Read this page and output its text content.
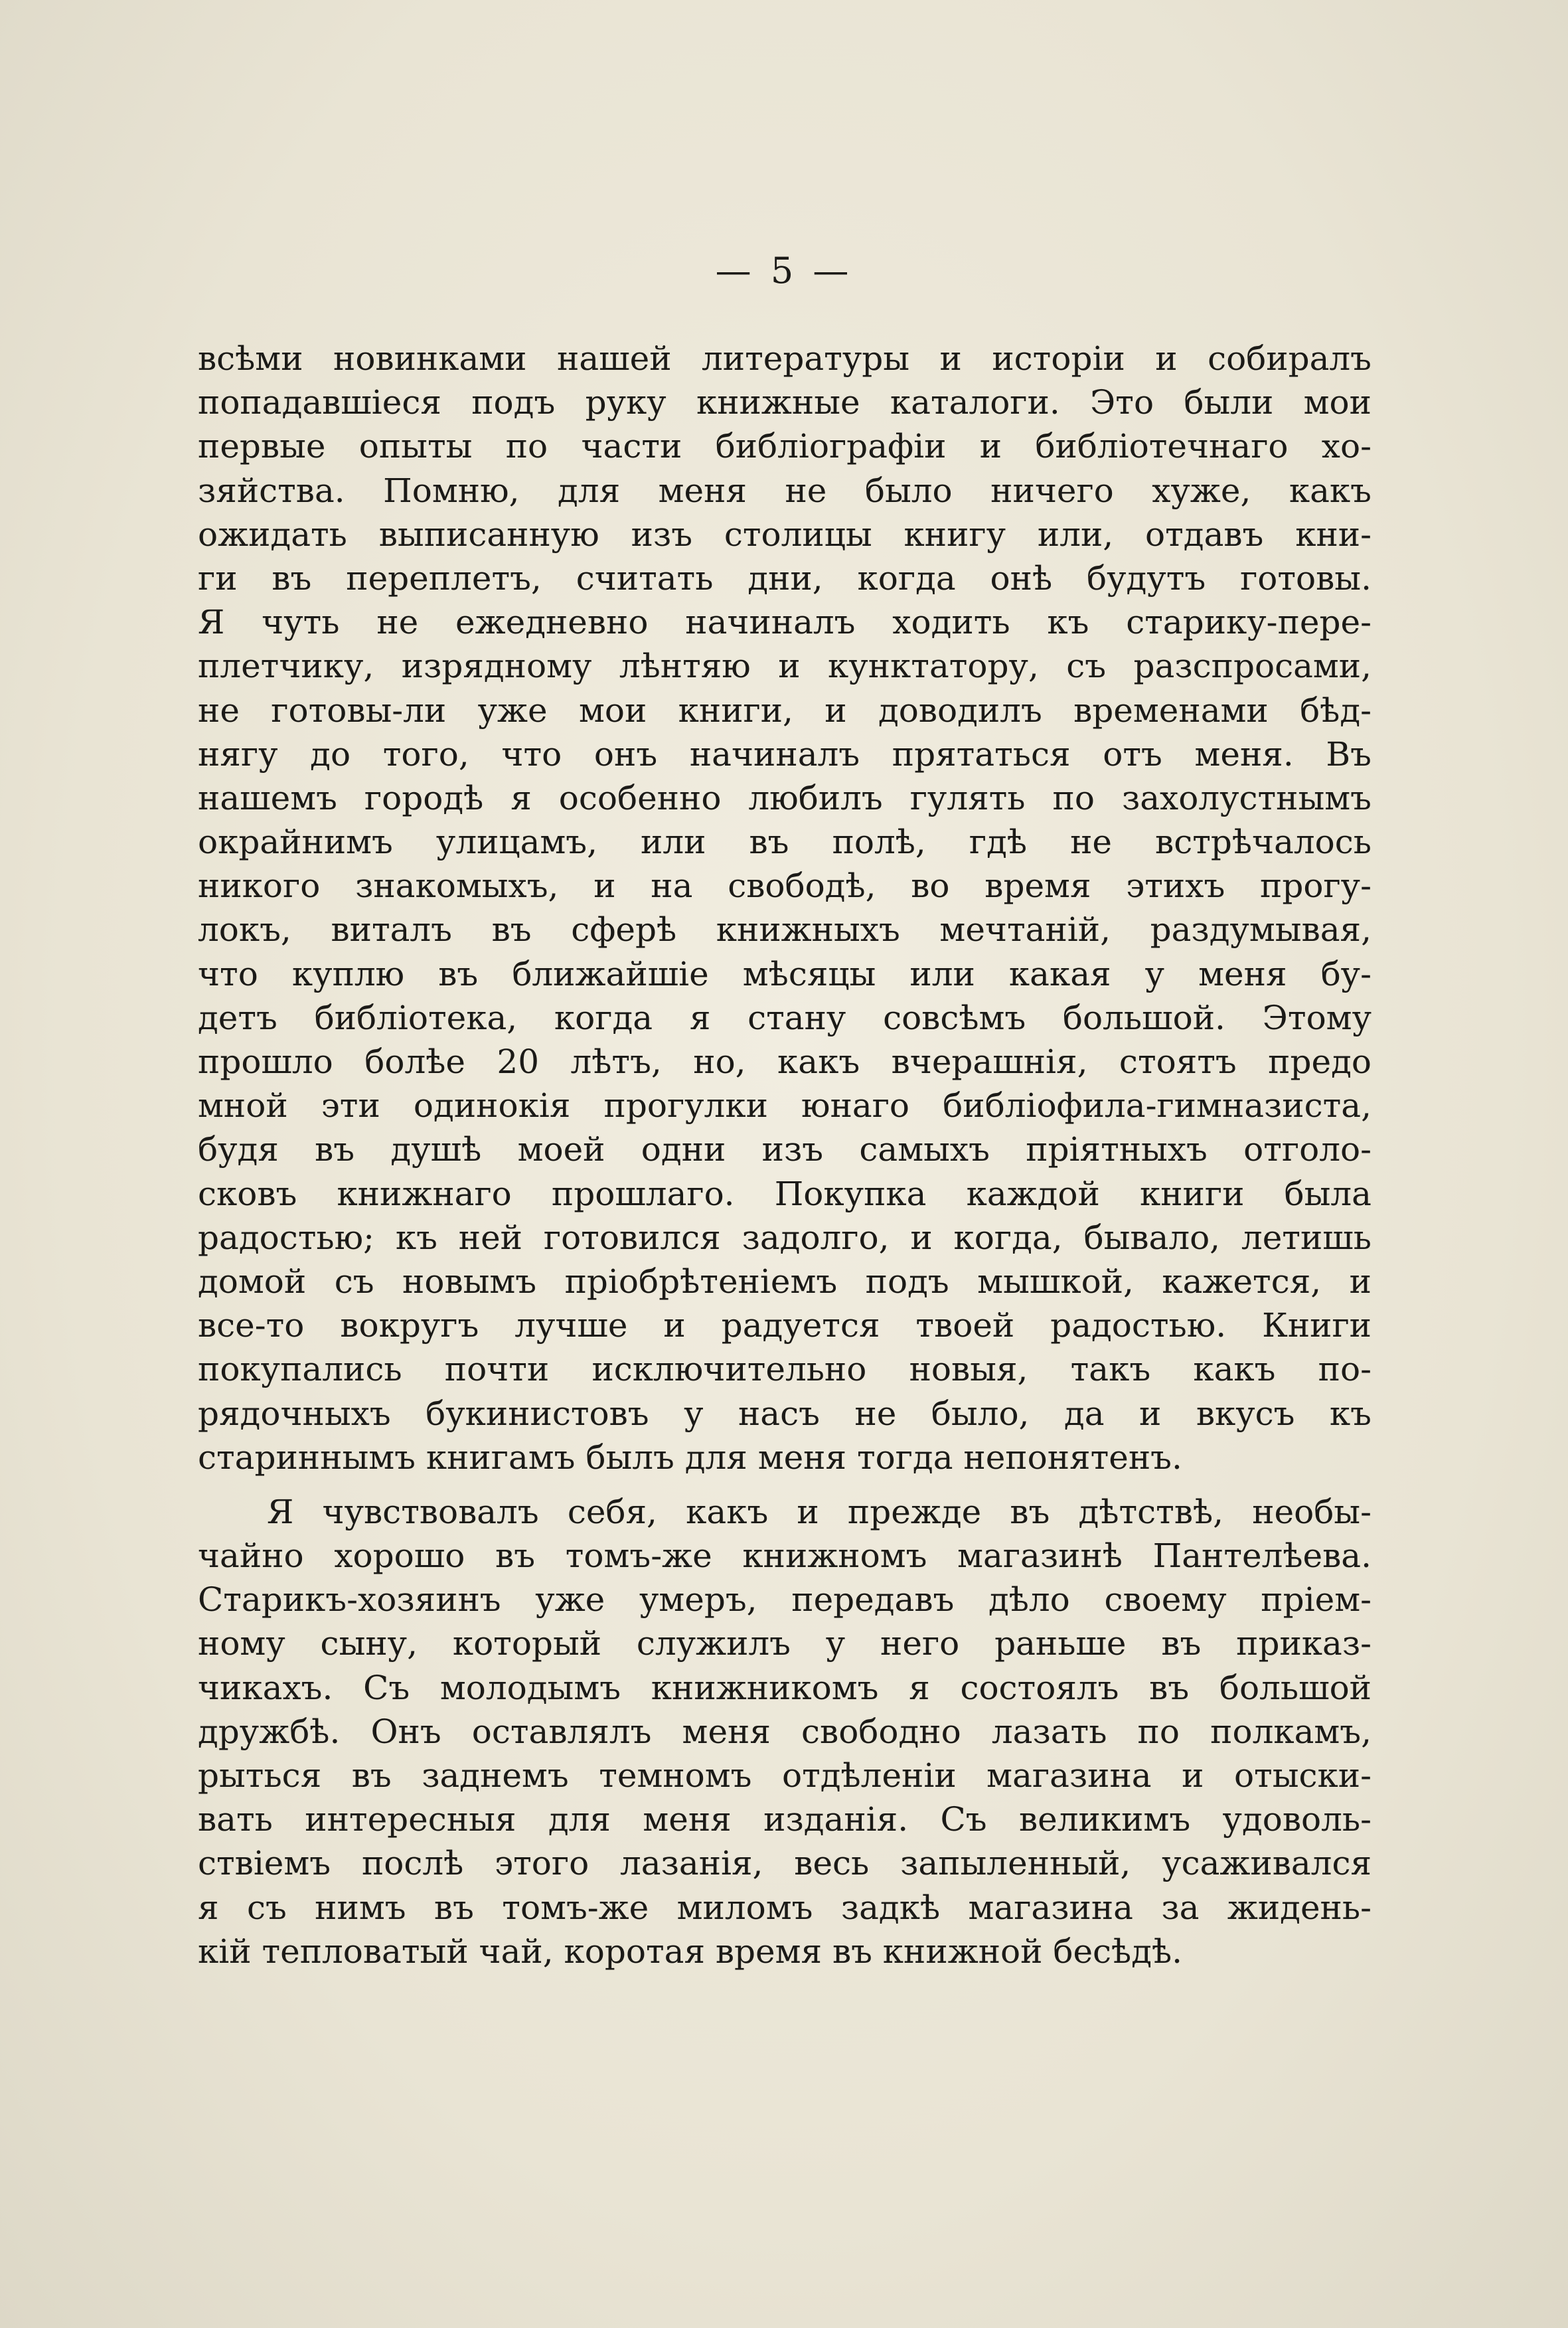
— 5 —
всѣми новинками нашей литературы и исторіи и собиралъ
попадавшіеся подъ руку книжные каталоги. Это были мои
первые опыты по части библіографіи и библіотечнаго хо-
зяйства. Помню, для меня не было ничего хуже, какъ
ожидать выписанную изъ столицы книгу или, отдавъ кни-
ги въ переплетъ, считать дни, когда онѣ будутъ готовы.
Я чуть не ежедневно начиналъ ходить къ старику-пере-
плетчику, изрядному лѣнтяю и кунктатору, съ разспросами,
не готовы-ли уже мои книги, и доводилъ временами бѣд-
нягу до того, что онъ начиналъ прятаться отъ меня. Въ
нашемъ городѣ я особенно любилъ гулять по захолустнымъ
окрайнимъ улицамъ, или въ полѣ, гдѣ не встрѣчалось
никого знакомыхъ, и на свободѣ, во время этихъ прогу-
локъ, виталъ въ сферѣ книжныхъ мечтаній, раздумывая,
что куплю въ ближайшіе мѣсяцы или какая у меня бу-
детъ библіотека, когда я стану совсѣмъ большой. Этому
прошло болѣе 20 лѣтъ, но, какъ вчерашнія, стоятъ предо
мной эти одинокія прогулки юнаго библіофила-гимназиста,
будя въ душѣ моей одни изъ самыхъ пріятныхъ отголо-
сковъ книжнаго прошлаго. Покупка каждой книги была
радостью; къ ней готовился задолго, и когда, бывало, летишь
домой съ новымъ пріобрѣтеніемъ подъ мышкой, кажется, и
все-то вокругъ лучше и радуется твоей радостью. Книги
покупались почти исключительно новыя, такъ какъ по-
рядочныхъ букинистовъ у насъ не было, да и вкусъ къ
стариннымъ книгамъ былъ для меня тогда непонятенъ.
Я чувствовалъ себя, какъ и прежде въ дѣтствѣ, необы-
чайно хорошо въ томъ-же книжномъ магазинѣ Пантелѣева.
Старикъ-хозяинъ уже умеръ, передавъ дѣло своему пріем-
ному сыну, который служилъ у него раньше въ приказ-
чикахъ. Съ молодымъ книжникомъ я состоялъ въ большой
дружбѣ. Онъ оставлялъ меня свободно лазать по полкамъ,
рыться въ заднемъ темномъ отдѣленіи магазина и отыски-
вать интересныя для меня изданія. Съ великимъ удоволь-
ствіемъ послѣ этого лазанія, весь запыленный, усаживался
я съ нимъ въ томъ-же миломъ задкѣ магазина за жидень-
кій тепловатый чай, коротая время въ книжной бесѣдѣ.
